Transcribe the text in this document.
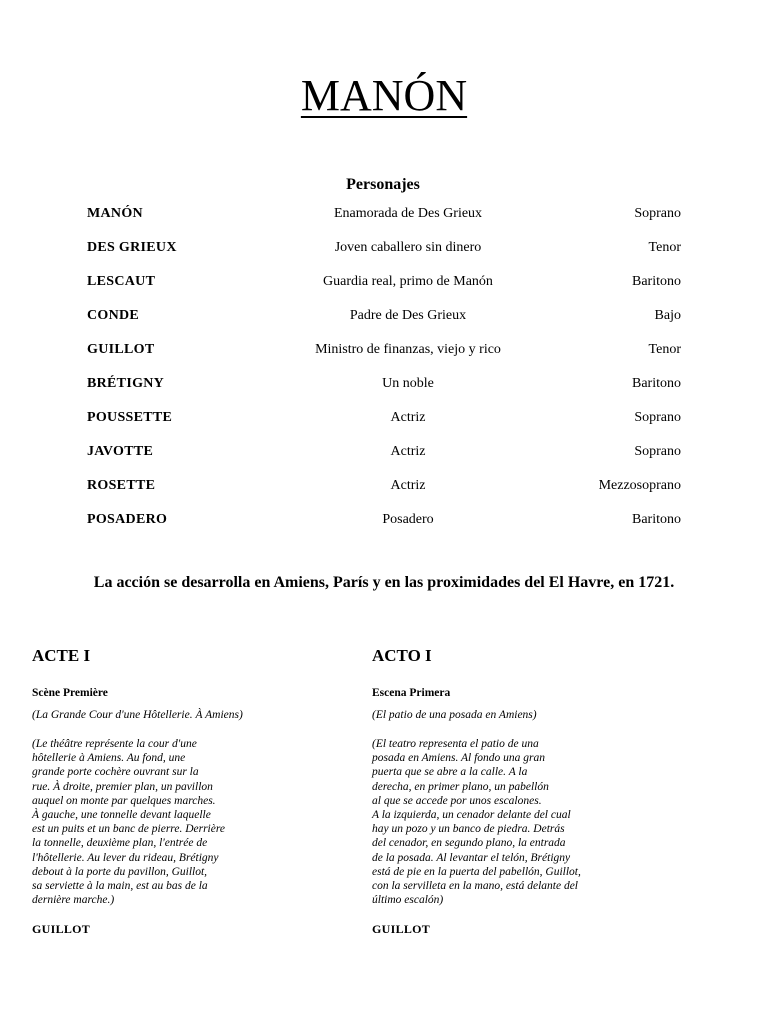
MANÓN
Personajes
MANÓN	Enamorada de Des Grieux	Soprano
DES GRIEUX	Joven caballero sin dinero	Tenor
LESCAUT	Guardia real, primo de Manón	Baritono
CONDE	Padre de Des Grieux	Bajo
GUILLOT	Ministro de finanzas, viejo y rico	Tenor
BRÉTIGNY	Un noble	Baritono
POUSSETTE	Actriz	Soprano
JAVOTTE	Actriz	Soprano
ROSETTE	Actriz	Mezzosoprano
POSADERO	Posadero	Baritono
La acción se desarrolla en Amiens, París y en las proximidades del El Havre, en 1721.

ACTE I

Scène Première

(La Grande Cour d'une Hôtellerie. À Amiens)

(Le théâtre représente la cour d'une
hôtellerie à Amiens. Au fond, une
grande porte cochère ouvrant sur la
rue. À droite, premier plan, un pavillon
auquel on monte par quelques marches.
À gauche, une tonnelle devant laquelle
est un puits et un banc de pierre. Derrière
la tonnelle, deuxième plan, l'entrée de
l'hôtellerie. Au lever du rideau, Brétigny
debout à la porte du pavillon, Guillot,
sa serviette à la main, est au bas de la
dernière marche.)

GUILLOT

ACTO I

Escena Primera

(El patio de una posada en Amiens)

(El teatro representa el patio de una
posada en Amiens. Al fondo una gran
puerta que se abre a la calle. A la
derecha, en primer plano, un pabellón
al que se accede por unos escalones.
A la izquierda, un cenador delante del cual
hay un pozo y un banco de piedra. Detrás
del cenador, en segundo plano, la entrada
de la posada. Al levantar el telón, Brétigny
está de pie en la puerta del pabellón, Guillot,
con la servilleta en la mano, está delante del
último escalón)

GUILLOT
